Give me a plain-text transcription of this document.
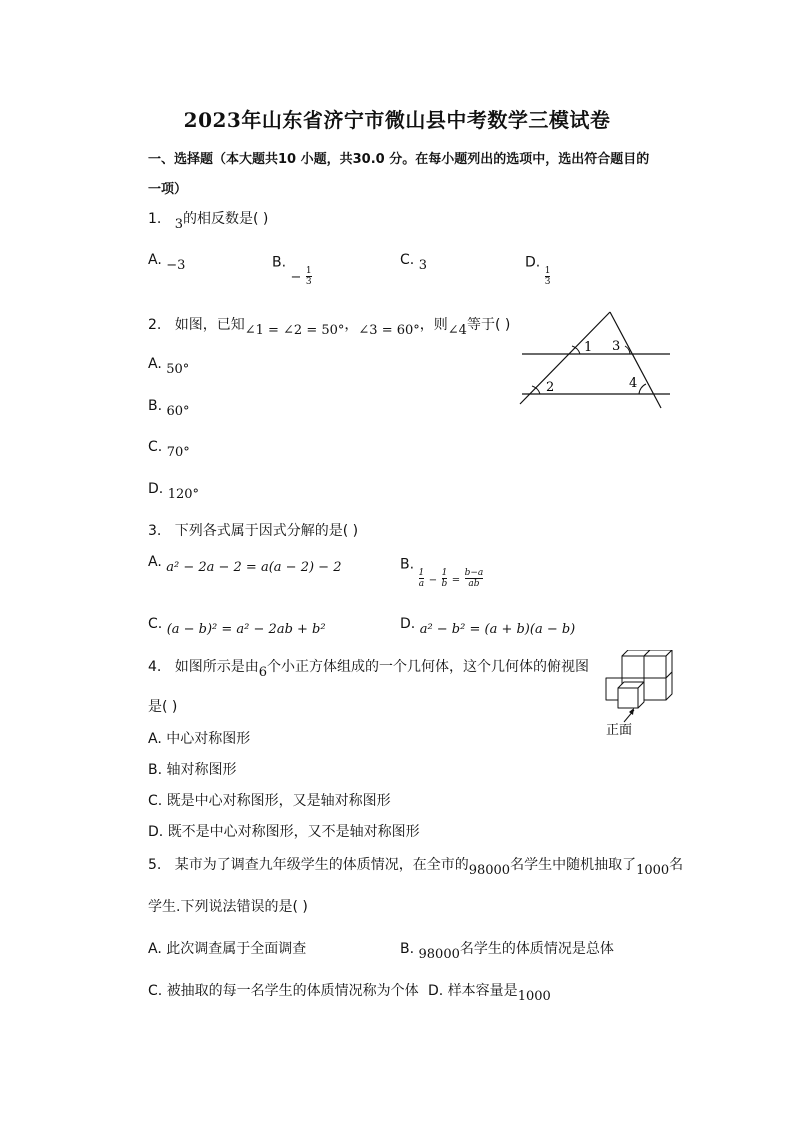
2023年山东省济宁市微山县中考数学三模试卷
一、选择题（本大题共10 小题，共30.0 分。在每小题列出的选项中，选出符合题目的
一项）
1. 3的相反数是( )
A. −3	B. − $\frac{1}{3}$
C. 3	D.
$\frac{1}{3}$
2. 如图，已知∠1 = ∠2 = 50°，∠3 = 60°，则∠4等于( )
A. 50°
B. 60°
C. 70°
D. 120°
1
2
3
4
3. 下列各式属于因式分解的是( )
A. a² − 2a − 2 = a(a − 2) − 2	B.
$\frac{1}{a} - \frac{1}{b} = \frac{b-a}{ab}$
C. (a − b)² = a² − 2ab + b²	D. a² − b² = (a + b)(a − b)
4. 如图所示是由6个小正方体组成的一个几何体，这个几何体的俯视图
是( )
A. 中心对称图形
B. 轴对称图形
C. 既是中心对称图形，又是轴对称图形
D. 既不是中心对称图形，又不是轴对称图形
正面
5. 某市为了调查九年级学生的体质情况，在全市的98000名学生中随机抽取了1000名
学生.下列说法错误的是( )
A. 此次调查属于全面调查	B. 98000名学生的体质情况是总体
C. 被抽取的每一名学生的体质情况称为个体 D. 样本容量是1000
